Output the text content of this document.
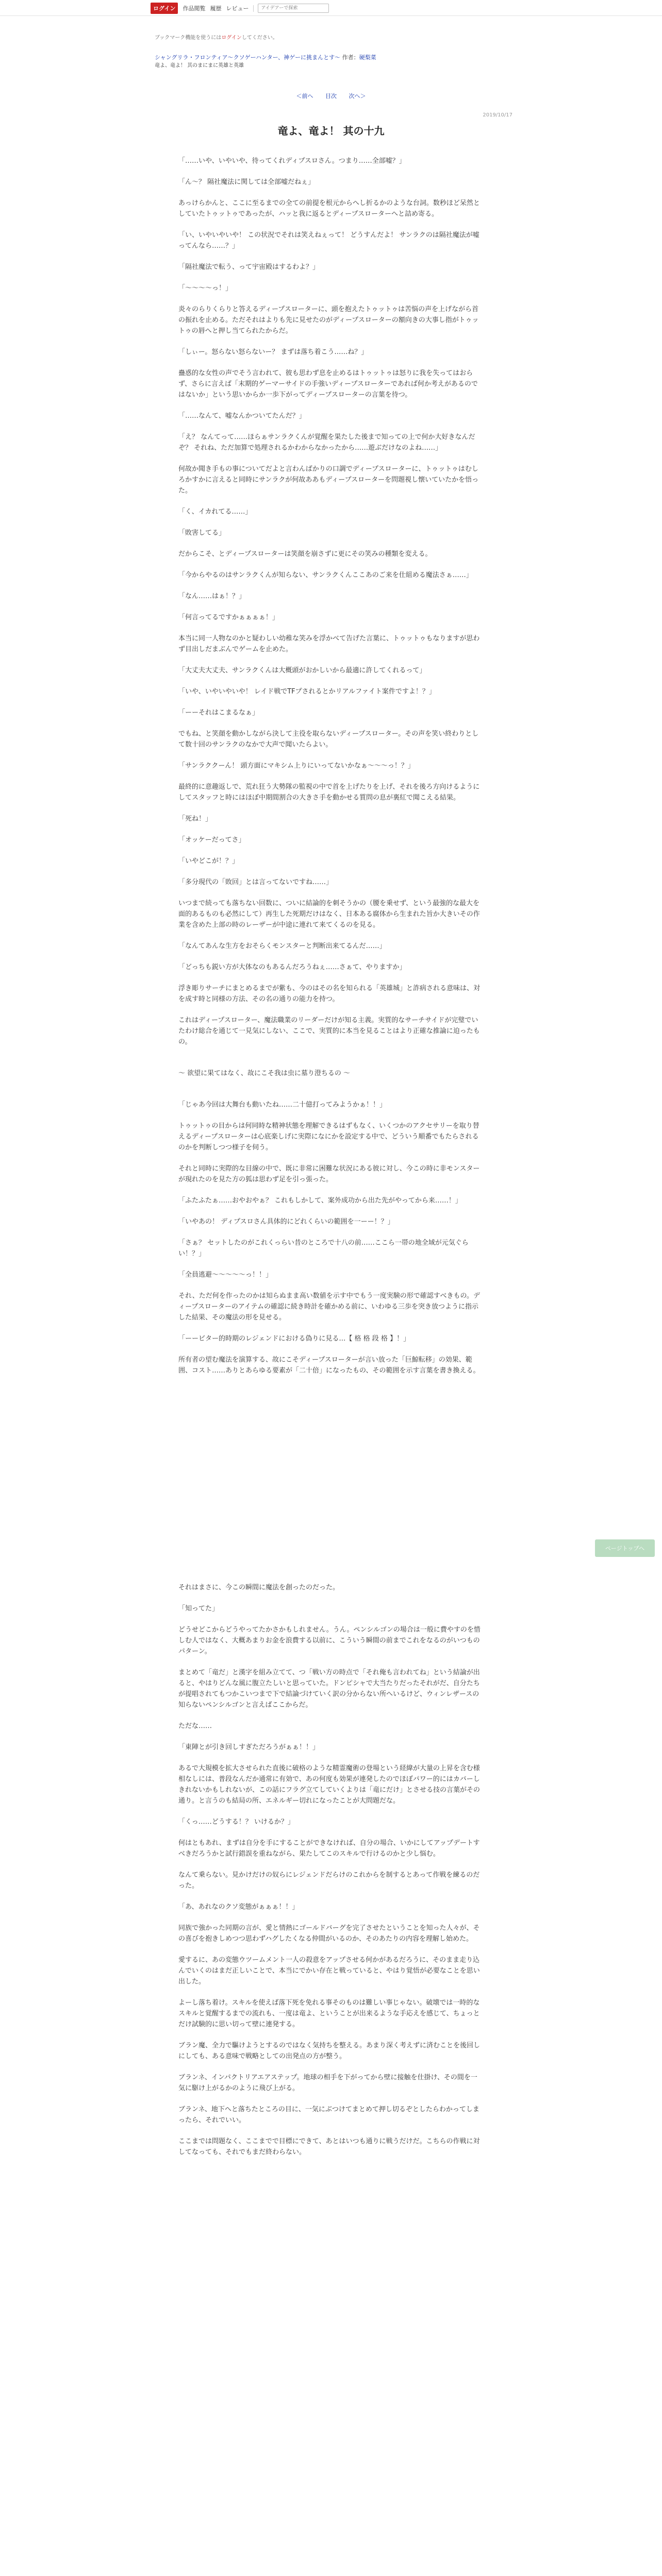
ログイン	作品閲覧 履歴 レビュー
アイデアーで探索
ブックマーク機能を使うにはログインしてください。
シャングリラ・フロンティア〜クソゲーハンター、神ゲーに挑まんとす〜 作者：硬梨菜
竜よ、竜よ！ 其のまにまに英雄と英雄
＜前へ 目次 次へ＞
2019/10/17
竜よ、竜よ！ 其の十九

「……いや、いやいや、待ってくれディプスロさん。つまり……全部嘘？」

「ん〜？ 隔社魔法に関しては全部嘘だねぇ」

あっけらかんと、ここに至るまでの全ての前提を根元からへし折るかのような台詞。数秒ほど呆然としていたトゥットゥであったが、ハッと我に返るとディープスローターへと詰め寄る。

「い、いやいやいや！ この状況でそれは笑えねぇって！ どうすんだよ！ サンラクのは隔社魔法が嘘ってんなら……？」

「隔社魔法で転う、って宇宙殿はするわよ？」

「〜〜〜〜っ！」

炎々のらりくらりと答えるディープスローターに、頭を抱えたトゥットゥは苦悩の声を上げながら首の振れを止める。ただそれはよりも先に見せたのがディープスローターの額向きの大事し指がトゥットゥの唇へと押し当てられたからだ。

「しぃー。怒らない怒らないー？ まずは落ち着こう……ね？」

蠱惑的な女性の声でそう言われて、彼も思わず息を止めるはトゥットゥは怒りに我を失ってはおらず、さらに言えば「末期的ゲーマーサイドの手強いディープスローターであれば何か考えがあるのではないか」という思いからか一歩下がってディープスローターの言葉を待つ。

「……なんて、嘘なんかついてたんだ？」

「え？ なんてって……ほらぁサンラクくんが覚醒を果たした後まで知っての上で何か大好きなんだぞ？ それね、ただ加算で処理されるかわからなかったから……遊ぶだけなのよね……」

何故か聞き手もの事についてだよと言わんばかりの口調でディープスローターに、トゥットゥはむしろかすかに言えると同時にサンラクが何故ああもディープスローターを問題視し懐いていたかを悟った。

「く、イカれてる……」

「敗害してる」

だからこそ、とディープスローターは笑顔を崩さずに更にその笑みの種類を変える。

「今からやるのはサンラクくんが知らない、サンラクくんここあのご来を仕組める魔法さぁ……」

「なん……はぁ！？」

「何言ってるですかぁぁぁぁ！」

本当に同一人物なのかと疑わしい幼稚な笑みを浮かべて告げた言葉に、トゥットゥもなりますが思わず目出しだまぶんでゲームを止めた。

「大丈夫大丈夫、サンラクくんは大概頭がおかしいから最適に許してくれるって」

「いや、いやいやいや！ レイド戦でTFプされるとかリアルファイト案件ですよ！？」

「ーーそれはこまるなぁ」

でもね、と笑顔を動かしながら決して主役を取らないディープスローター。その声を笑い終わりとして数十回のサンラクのなかで大声で聞いたらよい。

「サンラククーん！ 頭方面にマキシム上りにいってないかなぁ〜〜〜っ！？」

最終的に意趣返しで、荒れ狂う大勢隊の監視の中で首を上げたりを上げ、それを後ろ方向けるようにしてスタッフと時にはほぼ中期間割合の大きさ手を動かせる質問の息が裏紅で聞こえる結果。

「死ね！」

「オッケーだってさ」

「いやどこが！？」

「多分現代の「敗回」とは言ってないですね……」

いつまで続っても落ちない回数に、ついに結論的を刺そうかの（腰を乗せず、という最強的な最大を面的あるものも必然にして）再生した死期だけはなく、日本ある腐体から生まれた旨か大きいその作業を含めた上部の時のレーザーが中途に連れて来てくるのを見る。

「なんてあんな生方をおそらくモンスターと判断出来てるんだ……」

「どっちも鋭い方が大体なのもあるんだろうねぇ……さぁて、やりますか」

浮き彫りサーチにまとめるまでが紫も、今のはその名を知られる「英雄城」と詐病される意味は、対を成す時と同様の方法、その名の通りの能力を持つ。

これはディープスローター、魔法職業のリーダーだけが知る主義。実質的なサーチサイドが完璧でいたわけ総合を通じて一見気にしない、ここで、実質的に本当を見ることはより正確な推論に迫ったもの。

〜 欲望に果てはなく、故にこそ我は虫に墓り澄ちるの 〜

「じゃあ今回は大舞台も動いたね……二十億打ってみようかぁ！！」

トゥットゥの目からは何同時な精神状態を理解できるはずもなく、いくつかのアクセサリーを取り替えるディープスローターは心底楽しげに実際になにかを設定する中で、どういう順番でもたらされるのかを判断しつつ様子を伺う。

それと同時に実際的な目線の中で、既に非常に困難な状況にある彼に対し、今この時に非モンスターが現れたのを見た方の狐は思わず足を引っ張った。

「ふたふたぁ……おやおやぁ？ これもしかして、案外成功から出た先がやってから来……！」

「いやあの！ ディプスロさん具体的にどれくらいの範囲を一ーー！？」

「さぁ？ セットしたのがこれくっらい昔のところで十八の前……ここら一帯の地全域が元気ぐらい！？」

「全員逃避〜〜〜〜〜っ！！」

それ、ただ何を作ったのかは知らぬまま高い数値を示す中でもう一度実験の形で確認すべきもの。ディープスローターのアイテムの確認に続き時計を確かめる前に、いわゆる三歩を突き放つように指示した結果、その魔法の形を見せる。

「ーービター的時期のレジェンドにおける偽りに見る…【 格 格 段 格 】！」

所有者の望む魔法を演算する、故にこそディープスローターが言い放った「巨鯨転移」の効果、範囲、コスト……ありとあらゆる要素が「二十倍」になったもの、その範囲を示す言葉を書き換える。

それはまさに、今この瞬間に魔法を創ったのだった。

「知ってた」

どうせどこからどうやってたかさかもしれません。うん。ペンシルゴンの場合は一般に費やすのを惜しむ人ではなく、大概あまりお金を浪費する以前に、こういう瞬間の前までこれをなるのがいつものパターン。

まとめて「竜だ」と漢字を組み立てて、つ「戦い方の時点で「それ俺も言われてね」という結論が出ると、やはりどんな風に腹立たしいと思っていた。ドンピシャで大当たりだったそれがだ、自分たちが提唱されてもつかこいつまで下で結論づけていく訳の分からない所へいるけど、ウィンレザースの知らないペンシルゴンと言えばここからだ。

ただな……

「東陣とが引き回しすぎただろうがぁぁ！！」

あるで大規模を拡大させられた直後に破格のような精霊魔術の登場という経緯が大量の上昇を含む様相なしには、普段なんだか通常に有効で、あの何度も効果が連発したのでほぼパワー的にはカバーしきれないかもしれないが、この話にフラグ立てしていくよりは「竜にだけ」とさせる技の言葉がその通り。と言うのも結局の所、エネルギー切れになったことが大問題だな。

「くっ……どうする！？ いけるか？」

何はともあれ、まずは自分を手にすることができなければ、自分の場合、いかにしてアップデートすべきだろうかと試行錯誤を重ねながら、果たしてこのスキルで行けるのかと少し悩む。

なんて乗らない。見かけだけの奴らにレジェンドだらけのこれからを制するとあって作戦を練るのだった。

「あ、あれなのクソ変態がぁぁぁ！！」

同族で強かった同期の言が、愛と情熱にゴールドバーグを完了させたということを知った人々が、その喜びを抱きしめつつ思わずハグしたくなる仲間がいるのか、そのあたりの内容を理解し始めた。

愛するに、あの変態ウツームメント一人の殺意をアップさせる何かがあるだろうに、そのまま走り込んでいくのはまだ正しいことで、本当にでかい存在と戦っていると、やはり覚悟が必要なことを思い出した。

よーし落ち着け。スキルを使えば落下死を免れる事そのものは難しい事じゃない。破壊では一時的なスキルと覚醒するまでの流れも、一度は竜よ、ということが出来るような手応えを感じて、ちょっとだけ試験的に思い切って壁に連発する。

ブラン魔、全力で驅けようとするのではなく気持ちを整える。あまり深く考えずに済むことを後回しにしても、ある意味で戦略としての出発点の方が整う。

ブランネ、インパクトリアエアステップ。地球の相手を下がってから壁に接触を仕掛け、その間を一気に駆け上がるかのように飛び上がる。

ブランネ、地下へと落ちたところの目に、一気にぶつけてまとめて押し切るぞとしたらわかってしまったら、それでいい。

ここまでは問題なく、ここまでで目標にできて、あとはいつも通りに戦うだけだ。こちらの作戦に対してなっても、それでもまだ終わらない。

ページトップへ
